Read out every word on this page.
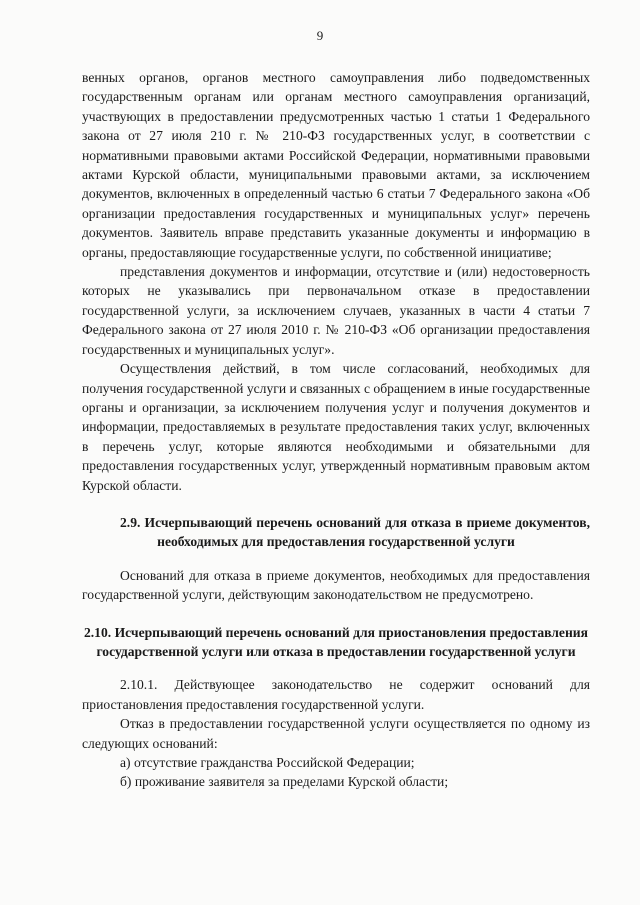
9

венных органов, органов местного самоуправления либо подведомственных государственным органам или органам местного самоуправления организаций, участвующих в предоставлении предусмотренных частью 1 статьи 1 Федерального закона от 27 июля 210 г. № 210-ФЗ государственных услуг, в соответствии с нормативными правовыми актами Российской Федерации, нормативными правовыми актами Курской области, муниципальными правовыми актами, за исключением документов, включенных в определенный частью 6 статьи 7 Федерального закона «Об организации предоставления государственных и муниципальных услуг» перечень документов. Заявитель вправе представить указанные документы и информацию в органы, предоставляющие государственные услуги, по собственной инициативе;

представления документов и информации, отсутствие и (или) недостоверность которых не указывались при первоначальном отказе в предоставлении государственной услуги, за исключением случаев, указанных в части 4 статьи 7 Федерального закона от 27 июля 2010 г. № 210-ФЗ «Об организации предоставления государственных и муниципальных услуг».

Осуществления действий, в том числе согласований, необходимых для получения государственной услуги и связанных с обращением в иные государственные органы и организации, за исключением получения услуг и получения документов и информации, предоставляемых в результате предоставления таких услуг, включенных в перечень услуг, которые являются необходимыми и обязательными для предоставления государственных услуг, утвержденный нормативным правовым актом Курской области.

2.9. Исчерпывающий перечень оснований для отказа в приеме документов, необходимых для предоставления государственной услуги

Оснований для отказа в приеме документов, необходимых для предоставления государственной услуги, действующим законодательством не предусмотрено.

2.10. Исчерпывающий перечень оснований для приостановления предоставления государственной услуги или отказа в предоставлении государственной услуги

2.10.1. Действующее законодательство не содержит оснований для приостановления предоставления государственной услуги.

Отказ в предоставлении государственной услуги осуществляется по одному из следующих оснований:

а) отсутствие гражданства Российской Федерации;

б) проживание заявителя за пределами Курской области;
